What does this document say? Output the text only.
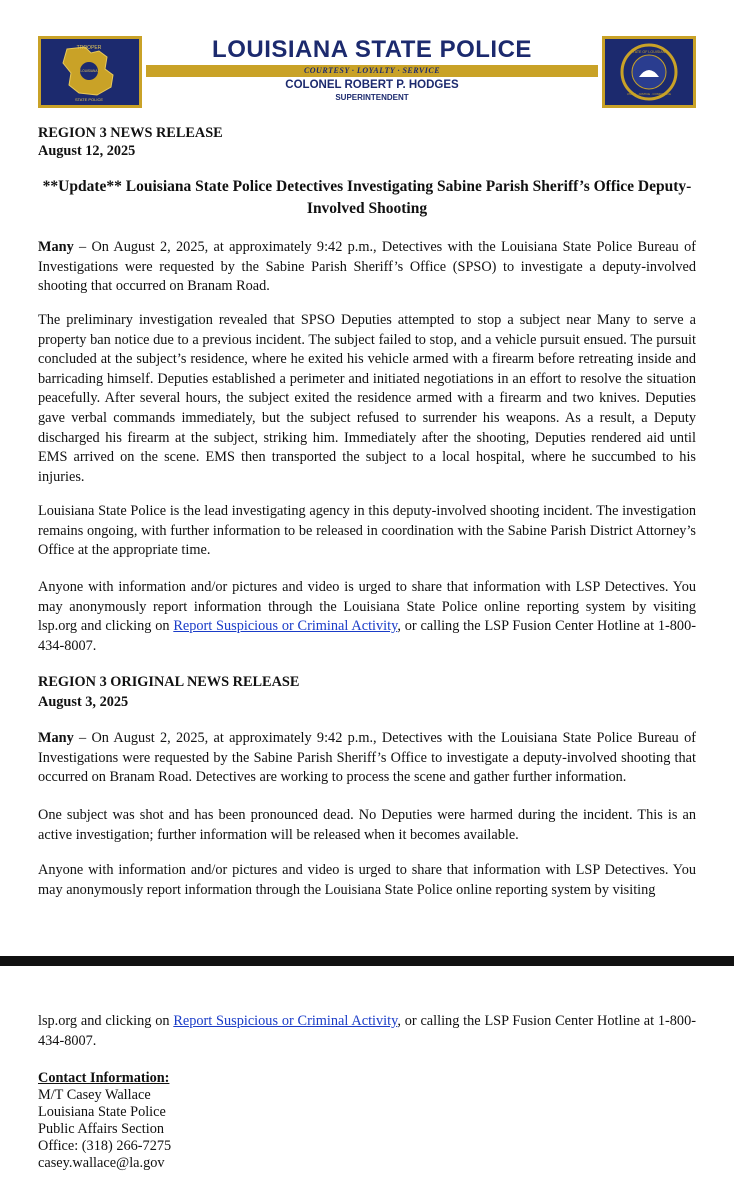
TROOPER
LOUISIANA
STATE POLICE
LOUISIANA STATE POLICE
COURTESY · LOYALTY · SERVICE
COLONEL ROBERT P. HODGES
SUPERINTENDENT
STATE OF LOUISIANA
UNION · JUSTICE · CONFIDENCE
REGION 3 NEWS RELEASE
August 12, 2025
**Update** Louisiana State Police Detectives Investigating Sabine Parish Sheriff’s Office Deputy-Involved Shooting

Many – On August 2, 2025, at approximately 9:42 p.m., Detectives with the Louisiana State Police Bureau of Investigations were requested by the Sabine Parish Sheriff’s Office (SPSO) to investigate a deputy-involved shooting that occurred on Branam Road.

The preliminary investigation revealed that SPSO Deputies attempted to stop a subject near Many to serve a property ban notice due to a previous incident. The subject failed to stop, and a vehicle pursuit ensued. The pursuit concluded at the subject’s residence, where he exited his vehicle armed with a firearm before retreating inside and barricading himself. Deputies established a perimeter and initiated negotiations in an effort to resolve the situation peacefully. After several hours, the subject exited the residence armed with a firearm and two knives. Deputies gave verbal commands immediately, but the subject refused to surrender his weapons. As a result, a Deputy discharged his firearm at the subject, striking him. Immediately after the shooting, Deputies rendered aid until EMS arrived on the scene. EMS then transported the subject to a local hospital, where he succumbed to his injuries.

Louisiana State Police is the lead investigating agency in this deputy-involved shooting incident. The investigation remains ongoing, with further information to be released in coordination with the Sabine Parish District Attorney’s Office at the appropriate time.

Anyone with information and/or pictures and video is urged to share that information with LSP Detectives. You may anonymously report information through the Louisiana State Police online reporting system by visiting lsp.org and clicking on Report Suspicious or Criminal Activity, or calling the LSP Fusion Center Hotline at 1-800-434-8007.

REGION 3 ORIGINAL NEWS RELEASE
August 3, 2025

Many – On August 2, 2025, at approximately 9:42 p.m., Detectives with the Louisiana State Police Bureau of Investigations were requested by the Sabine Parish Sheriff’s Office to investigate a deputy-involved shooting that occurred on Branam Road. Detectives are working to process the scene and gather further information.

One subject was shot and has been pronounced dead. No Deputies were harmed during the incident. This is an active investigation; further information will be released when it becomes available.

Anyone with information and/or pictures and video is urged to share that information with LSP Detectives. You may anonymously report information through the Louisiana State Police online reporting system by visiting

lsp.org and clicking on Report Suspicious or Criminal Activity, or calling the LSP Fusion Center Hotline at 1-800-434-8007.

Contact Information:
M/T Casey Wallace
Louisiana State Police
Public Affairs Section
Office: (318) 266-7275
casey.wallace@la.gov
